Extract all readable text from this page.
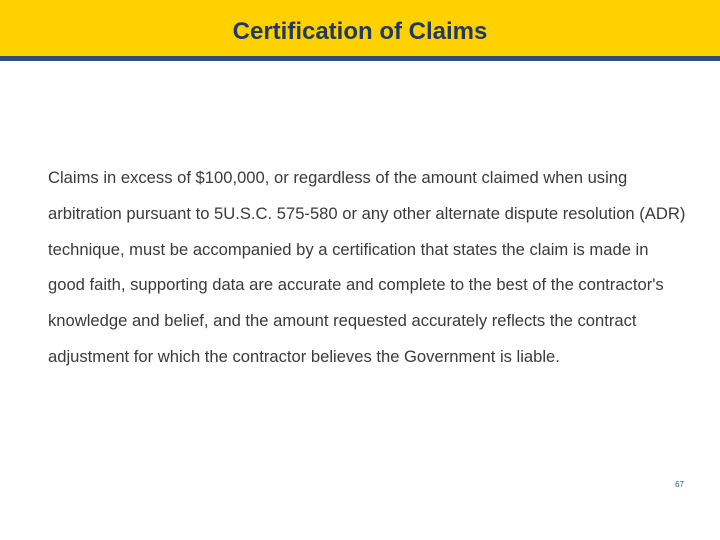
Certification of Claims

Claims in excess of $100,000, or regardless of the amount claimed when using arbitration pursuant to 5U.S.C. 575-580 or any other alternate dispute resolution (ADR) technique, must be accompanied by a certification that states the claim is made in good faith, supporting data are accurate and complete to the best of the contractor's knowledge and belief, and the amount requested accurately reflects the contract adjustment for which the contractor believes the Government is liable.

67
